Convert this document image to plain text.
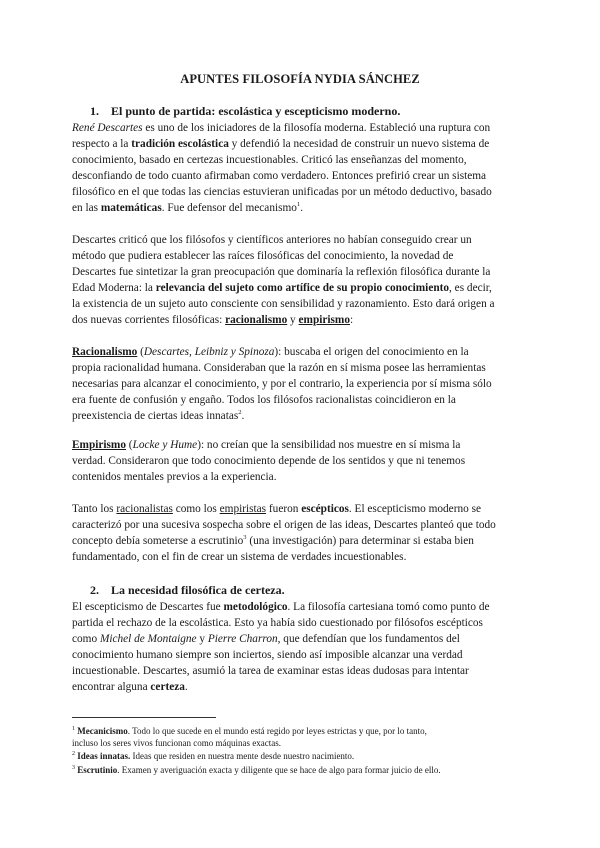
APUNTES FILOSOFÍA NYDIA SÁNCHEZ
1. El punto de partida: escolástica y escepticismo moderno.
René Descartes es uno de los iniciadores de la filosofía moderna. Estableció una ruptura con
respecto a la tradición escolástica y defendió la necesidad de construir un nuevo sistema de
conocimiento, basado en certezas incuestionables. Criticó las enseñanzas del momento,
desconfiando de todo cuanto afirmaban como verdadero. Entonces prefirió crear un sistema
filosófico en el que todas las ciencias estuvieran unificadas por un método deductivo, basado
en las matemáticas. Fue defensor del mecanismo$^1$.
Descartes criticó que los filósofos y científicos anteriores no habían conseguido crear un
método que pudiera establecer las raíces filosóficas del conocimiento, la novedad de
Descartes fue sintetizar la gran preocupación que dominaría la reflexión filosófica durante la
Edad Moderna: la relevancia del sujeto como artífice de su propio conocimiento, es decir,
la existencia de un sujeto auto consciente con sensibilidad y razonamiento. Esto dará origen a
dos nuevas corrientes filosóficas: racionalismo y empirismo:
Racionalismo (Descartes, Leibniz y Spinoza): buscaba el origen del conocimiento en la
propia racionalidad humana. Consideraban que la razón en sí misma posee las herramientas
necesarias para alcanzar el conocimiento, y por el contrario, la experiencia por sí misma sólo
era fuente de confusión y engaño. Todos los filósofos racionalistas coincidieron en la
preexistencia de ciertas ideas innatas$^2$.
Empirismo (Locke y Hume): no creían que la sensibilidad nos muestre en sí misma la
verdad. Consideraron que todo conocimiento depende de los sentidos y que ni tenemos
contenidos mentales previos a la experiencia.
Tanto los racionalistas como los empiristas fueron escépticos. El escepticismo moderno se
caracterizó por una sucesiva sospecha sobre el origen de las ideas, Descartes planteó que todo
concepto debía someterse a escrutinio$^3$ (una investigación) para determinar si estaba bien
fundamentado, con el fin de crear un sistema de verdades incuestionables.
2. La necesidad filosófica de certeza.
El escepticismo de Descartes fue metodológico. La filosofía cartesiana tomó como punto de
partida el rechazo de la escolástica. Esto ya había sido cuestionado por filósofos escépticos
como Michel de Montaigne y Pierre Charron, que defendían que los fundamentos del
conocimiento humano siempre son inciertos, siendo así imposible alcanzar una verdad
incuestionable. Descartes, asumió la tarea de examinar estas ideas dudosas para intentar
encontrar alguna certeza.
$^1$ Mecanicismo. Todo lo que sucede en el mundo está regido por leyes estrictas y que, por lo tanto,
incluso los seres vivos funcionan como máquinas exactas.
$^2$ Ideas innatas. Ideas que residen en nuestra mente desde nuestro nacimiento.
$^3$ Escrutinio. Examen y averiguación exacta y diligente que se hace de algo para formar juicio de ello.
